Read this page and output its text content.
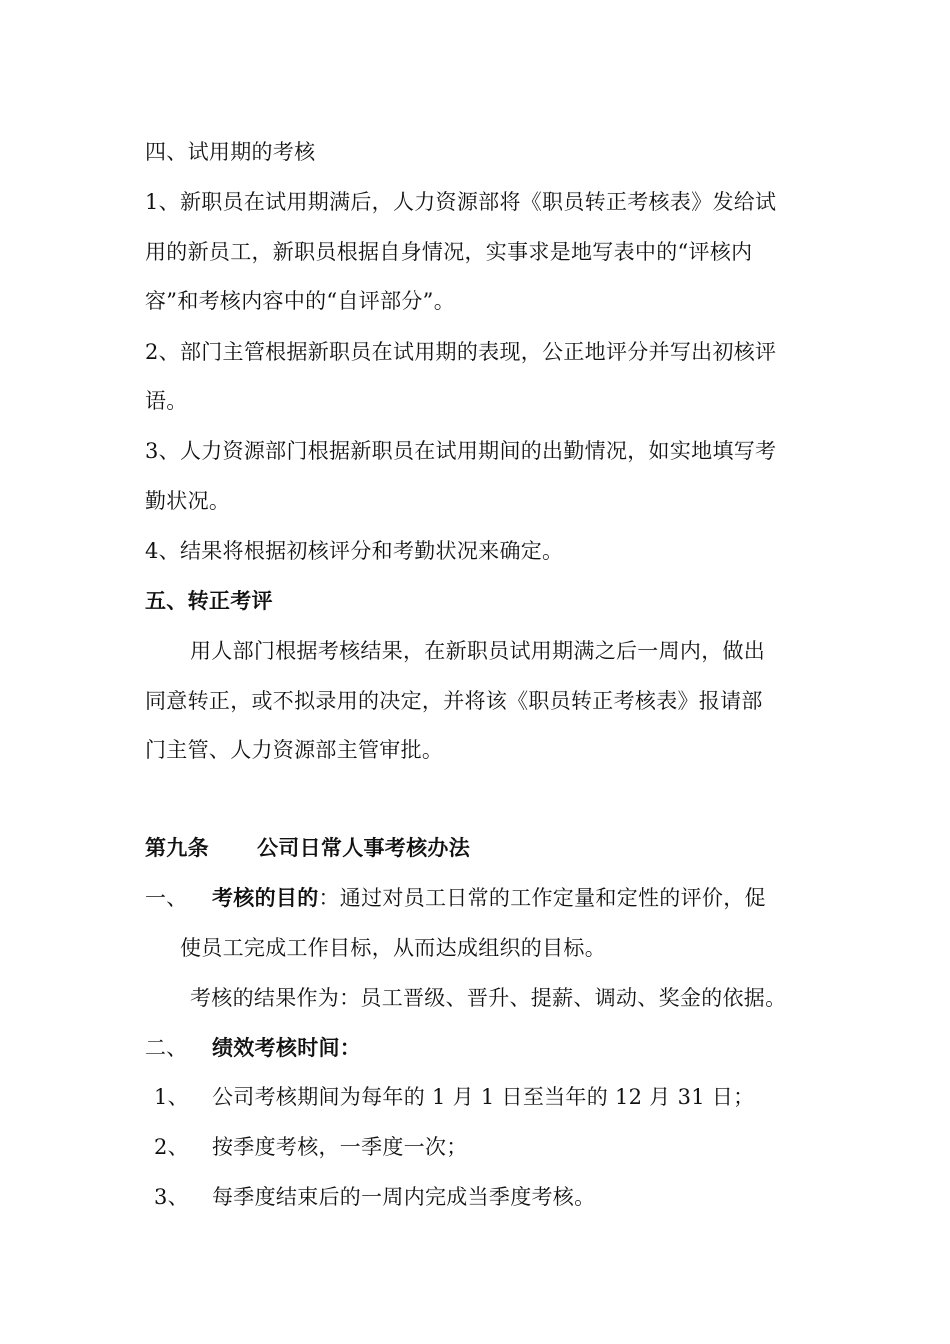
四、试用期的考核
1、新职员在试用期满后，人力资源部将《职员转正考核表》发给试
用的新员工，新职员根据自身情况，实事求是地写表中的“评核内
容”和考核内容中的“自评部分”。
2、部门主管根据新职员在试用期的表现，公正地评分并写出初核评
语。
3、人力资源部门根据新职员在试用期间的出勤情况，如实地填写考
勤状况。
4、结果将根据初核评分和考勤状况来确定。
五、转正考评
用人部门根据考核结果，在新职员试用期满之后一周内，做出
同意转正，或不拟录用的决定，并将该《职员转正考核表》报请部
门主管、人力资源部主管审批。
第九条 公司日常人事考核办法
一、 考核的目的：通过对员工日常的工作定量和定性的评价，促
使员工完成工作目标，从而达成组织的目标。
考核的结果作为：员工晋级、晋升、提薪、调动、奖金的依据。
二、 绩效考核时间：
1、 公司考核期间为每年的 1 月 1 日至当年的 12 月 31 日；
2、 按季度考核，一季度一次；
3、 每季度结束后的一周内完成当季度考核。
